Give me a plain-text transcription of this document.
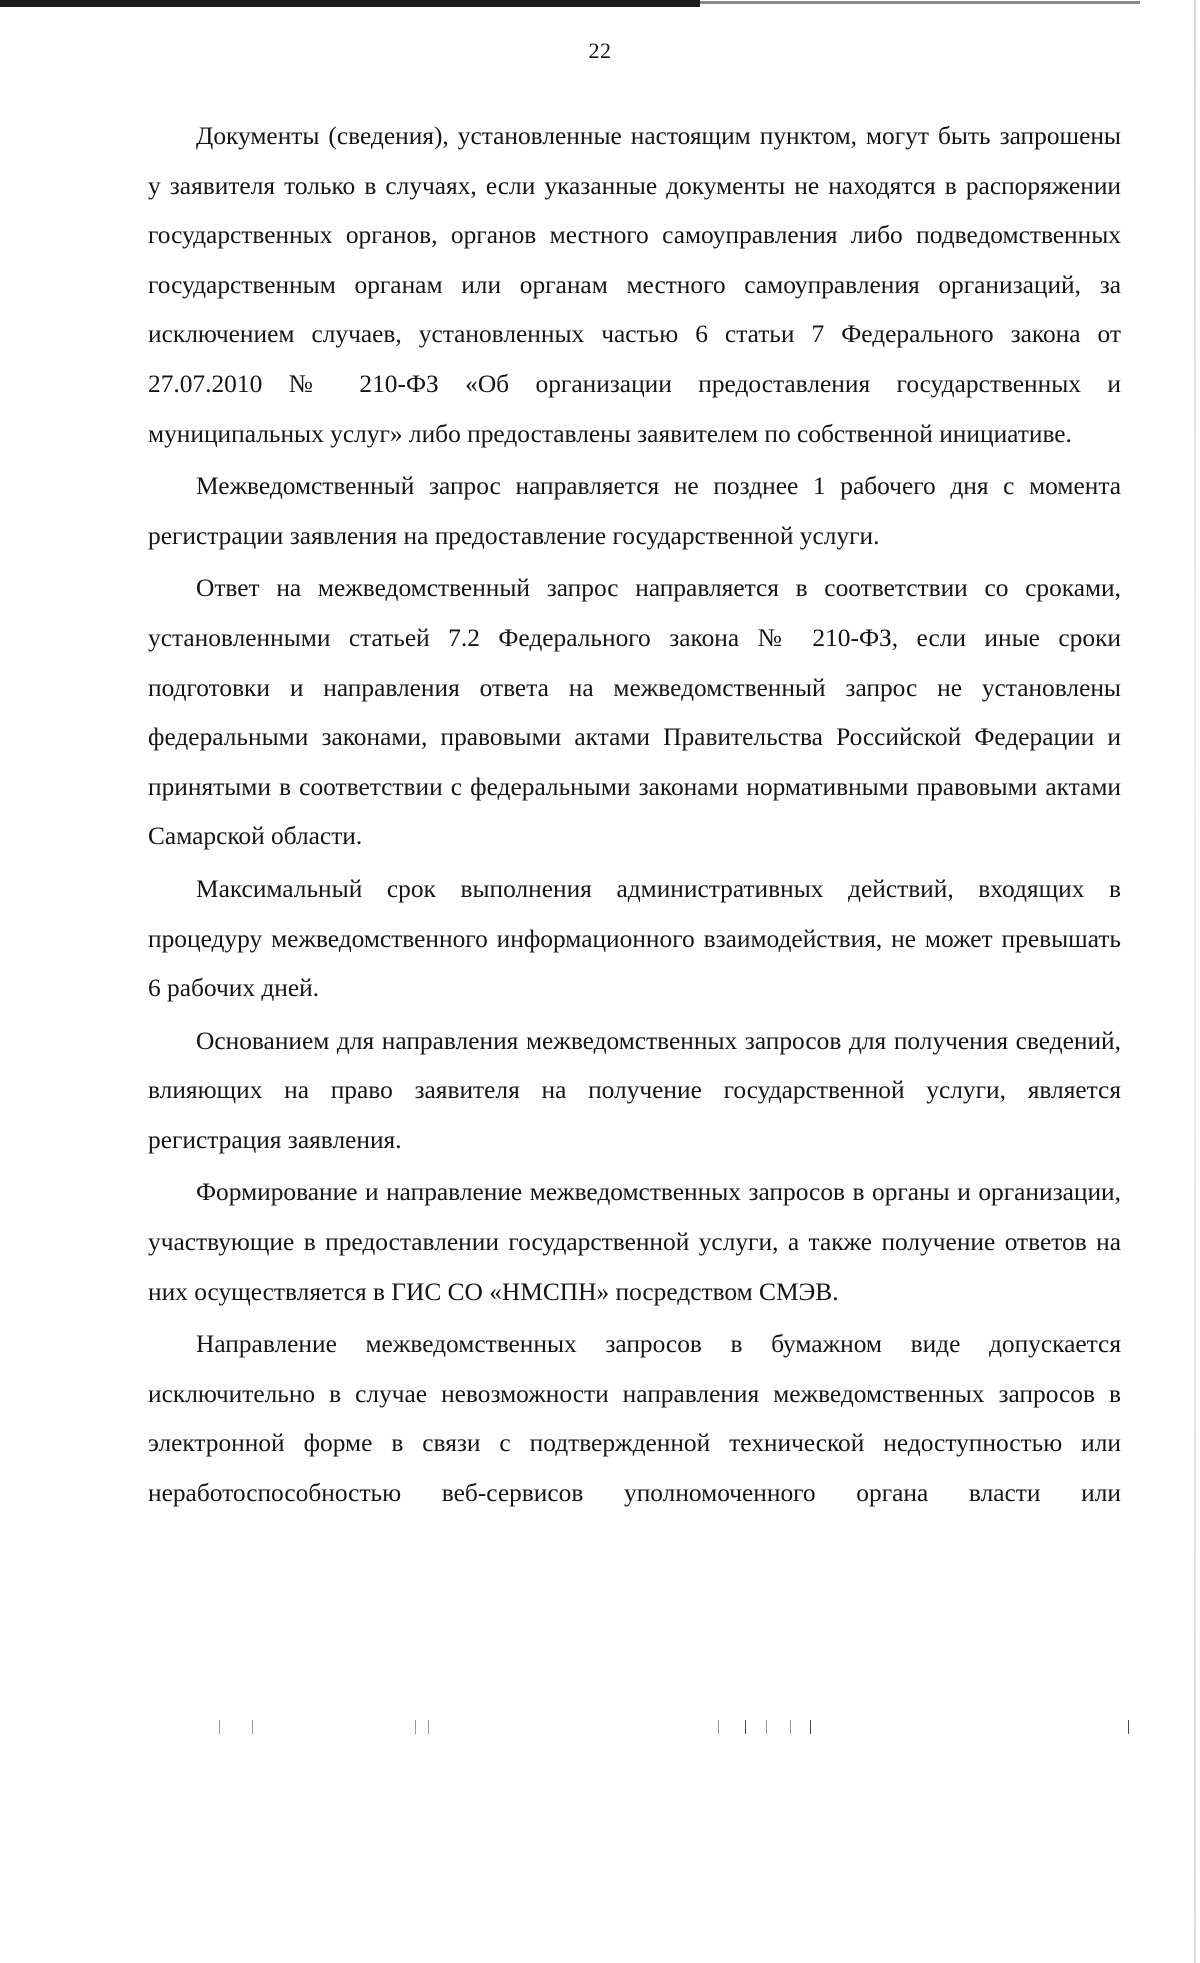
22

Документы (сведения), установленные настоящим пунктом, могут быть запрошены у заявителя только в случаях, если указанные документы не находятся в распоряжении государственных органов, органов местного самоуправления либо подведомственных государственным органам или органам местного самоуправления организаций, за исключением случаев, установленных частью 6 статьи 7 Федерального закона от 27.07.2010 № 210-ФЗ «Об организации предоставления государственных и муниципальных услуг» либо предоставлены заявителем по собственной инициативе.

Межведомственный запрос направляется не позднее 1 рабочего дня с момента регистрации заявления на предоставление государственной услуги.

Ответ на межведомственный запрос направляется в соответствии со сроками, установленными статьей 7.2 Федерального закона № 210-ФЗ, если иные сроки подготовки и направления ответа на межведомственный запрос не установлены федеральными законами, правовыми актами Правительства Российской Федерации и принятыми в соответствии с федеральными законами нормативными правовыми актами Самарской области.

Максимальный срок выполнения административных действий, входящих в процедуру межведомственного информационного взаимодействия, не может превышать 6 рабочих дней.

Основанием для направления межведомственных запросов для получения сведений, влияющих на право заявителя на получение государственной услуги, является регистрация заявления.

Формирование и направление межведомственных запросов в органы и организации, участвующие в предоставлении государственной услуги, а также получение ответов на них осуществляется в ГИС СО «НМСПН» посредством СМЭВ.

Направление межведомственных запросов в бумажном виде допускается исключительно в случае невозможности направления межведомственных запросов в электронной форме в связи с подтвержденной технической недоступностью или неработоспособностью веб-сервисов уполномоченного органа власти или
